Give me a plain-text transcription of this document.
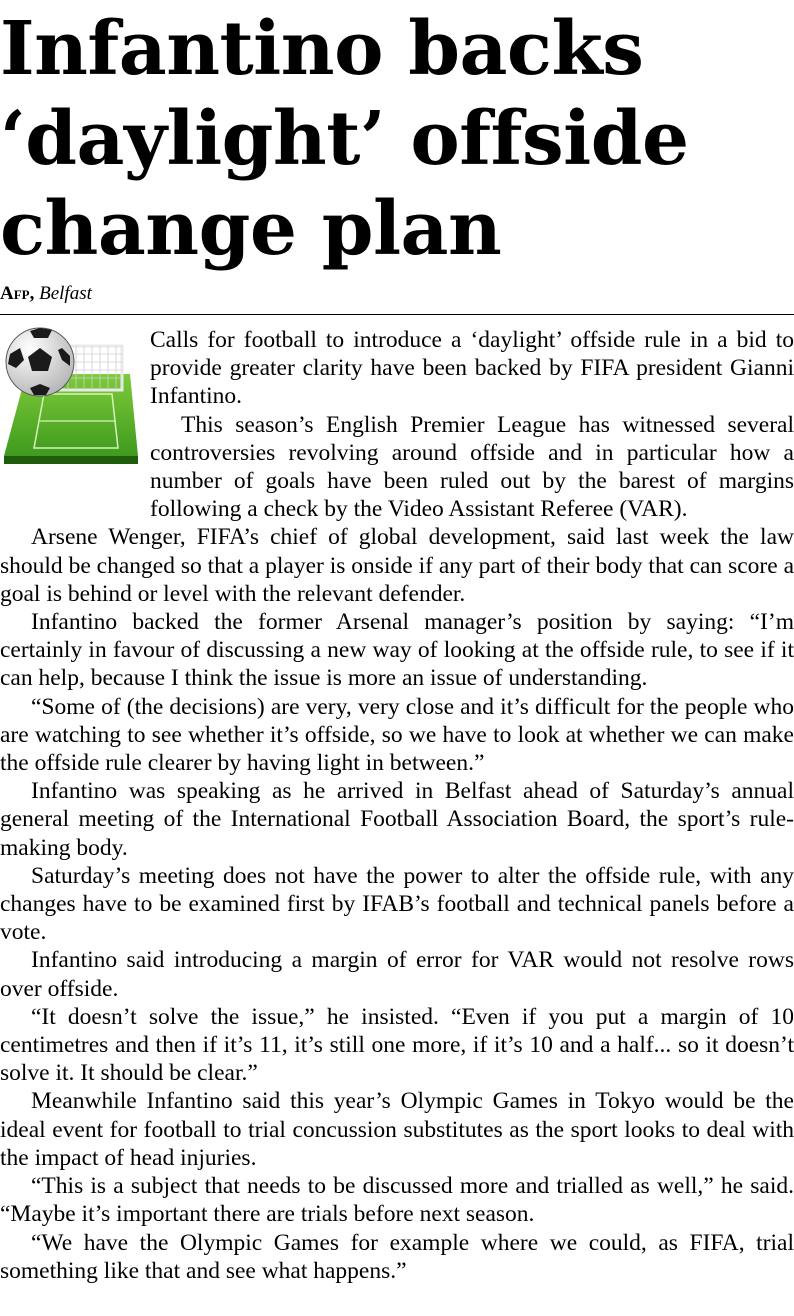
Infantino backs ‘daylight’ offside change plan
Afp, Belfast

Calls for football to introduce a ‘daylight’ offside rule in a bid to provide greater clarity have been backed by FIFA president Gianni Infantino.

This season’s English Premier League has witnessed several controversies revolving around offside and in particular how a number of goals have been ruled out by the barest of margins following a check by the Video Assistant Referee (VAR).

Arsene Wenger, FIFA’s chief of global development, said last week the law should be changed so that a player is onside if any part of their body that can score a goal is behind or level with the relevant defender.

Infantino backed the former Arsenal manager’s position by saying: “I’m certainly in favour of discussing a new way of looking at the offside rule, to see if it can help, because I think the issue is more an issue of understanding.

“Some of (the decisions) are very, very close and it’s difficult for the people who are watching to see whether it’s offside, so we have to look at whether we can make the offside rule clearer by having light in between.”

Infantino was speaking as he arrived in Belfast ahead of Saturday’s annual general meeting of the International Football Association Board, the sport’s rule-making body.

Saturday’s meeting does not have the power to alter the offside rule, with any changes have to be examined first by IFAB’s football and technical panels before a vote.

Infantino said introducing a margin of error for VAR would not resolve rows over offside.

“It doesn’t solve the issue,” he insisted. “Even if you put a margin of 10 centimetres and then if it’s 11, it’s still one more, if it’s 10 and a half... so it doesn’t solve it. It should be clear.”

Meanwhile Infantino said this year’s Olympic Games in Tokyo would be the ideal event for football to trial concussion substitutes as the sport looks to deal with the impact of head injuries.

“This is a subject that needs to be discussed more and trialled as well,” he said. “Maybe it’s important there are trials before next season.

“We have the Olympic Games for example where we could, as FIFA, trial something like that and see what happens.”
